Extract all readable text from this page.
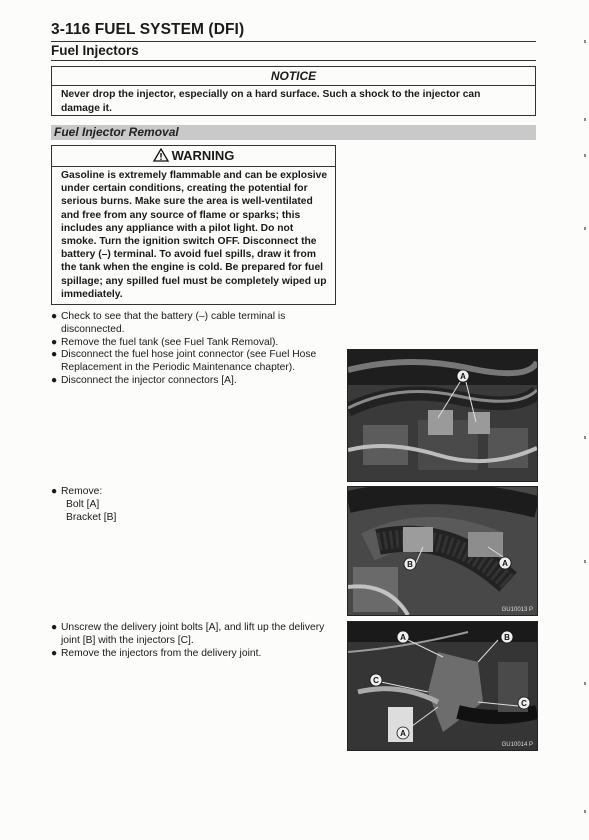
3-116 FUEL SYSTEM (DFI)
Fuel Injectors
NOTICE
Never drop the injector, especially on a hard surface. Such a shock to the injector can damage it.
Fuel Injector Removal
WARNING
Gasoline is extremely flammable and can be explosive under certain conditions, creating the potential for serious burns. Make sure the area is well-ventilated and free from any source of flame or sparks; this includes any appliance with a pilot light. Do not smoke. Turn the ignition switch OFF. Disconnect the battery (–) terminal. To avoid fuel spills, draw it from the tank when the engine is cold. Be prepared for fuel spillage; any spilled fuel must be completely wiped up immediately.
● Check to see that the battery (–) cable terminal is disconnected.
● Remove the fuel tank (see Fuel Tank Removal).
● Disconnect the fuel hose joint connector (see Fuel Hose Replacement in the Periodic Maintenance chapter).
● Disconnect the injector connectors [A].
● Remove:
Bolt [A]
Bracket [B]
● Unscrew the delivery joint bolts [A], and lift up the delivery joint [B] with the injectors [C].
● Remove the injectors from the delivery joint.
A
B	A
GU10013 P
A	B
C
C
A
GU10014 P
